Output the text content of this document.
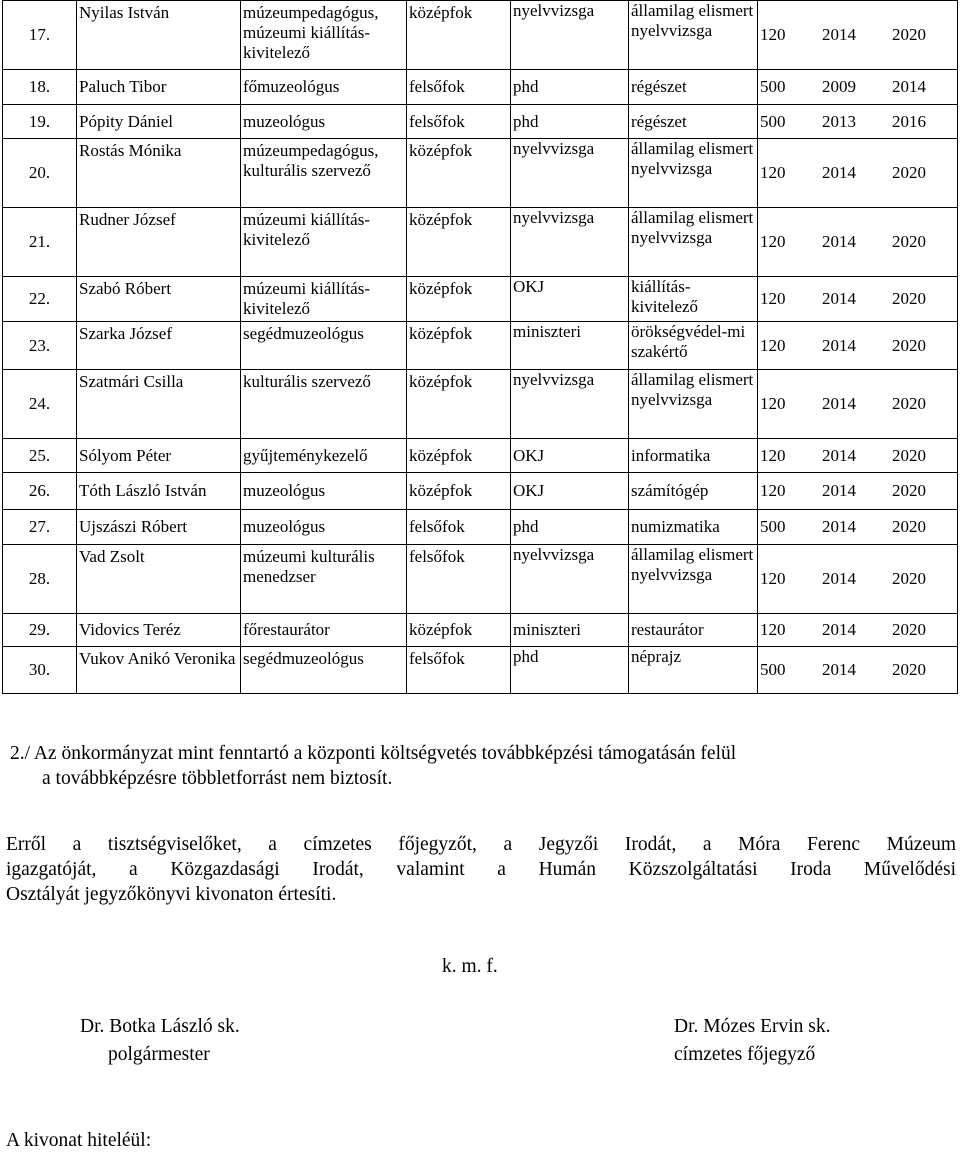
17.	Nyilas István	múzeumpedagógus, múzeumi kiállítás-kivitelező	középfok	nyelvvizsga	államilag elismert nyelvvizsga	120 2014 2020
18.	Paluch Tibor	főmuzeológus	felsőfok	phd	régészet	500 2009 2014
19.	Pópity Dániel	muzeológus	felsőfok	phd	régészet	500 2013 2016
20.	Rostás Mónika	múzeumpedagógus, kulturális szervező	középfok	nyelvvizsga	államilag elismert nyelvvizsga	120 2014 2020
21.	Rudner József	múzeumi kiállítás-kivitelező	középfok	nyelvvizsga	államilag elismert nyelvvizsga	120 2014 2020
22.	Szabó Róbert	múzeumi kiállítás-kivitelező	középfok	OKJ	kiállítás-kivitelező	120 2014 2020
23.	Szarka József	segédmuzeológus	középfok	miniszteri	örökségvédel-mi szakértő	120 2014 2020
24.	Szatmári Csilla	kulturális szervező	középfok	nyelvvizsga	államilag elismert nyelvvizsga	120 2014 2020
25.	Sólyom Péter	gyűjteménykezelő	középfok	OKJ	informatika	120 2014 2020
26.	Tóth László István	muzeológus	középfok	OKJ	számítógép	120 2014 2020
27.	Ujszászi Róbert	muzeológus	felsőfok	phd	numizmatika	500 2014 2020
28.	Vad Zsolt	múzeumi kulturális menedzser	felsőfok	nyelvvizsga	államilag elismert nyelvvizsga	120 2014 2020
29.	Vidovics Teréz	főrestaurátor	középfok	miniszteri	restaurátor	120 2014 2020
30.	Vukov Anikó Veronika	segédmuzeológus	felsőfok	phd	néprajz	500 2014 2020
2./ Az önkormányzat mint fenntartó a központi költségvetés továbbképzési támogatásán felül
a továbbképzésre többletforrást nem biztosít.
Erről a tisztségviselőket, a címzetes főjegyzőt, a Jegyzői Irodát, a Móra Ferenc Múzeum
igazgatóját, a Közgazdasági Irodát, valamint a Humán Közszolgáltatási Iroda Művelődési
Osztályát jegyzőkönyvi kivonaton értesíti.
k. m. f.
Dr. Botka László sk.
polgármester
Dr. Mózes Ervin sk.
címzetes főjegyző
A kivonat hiteléül:
